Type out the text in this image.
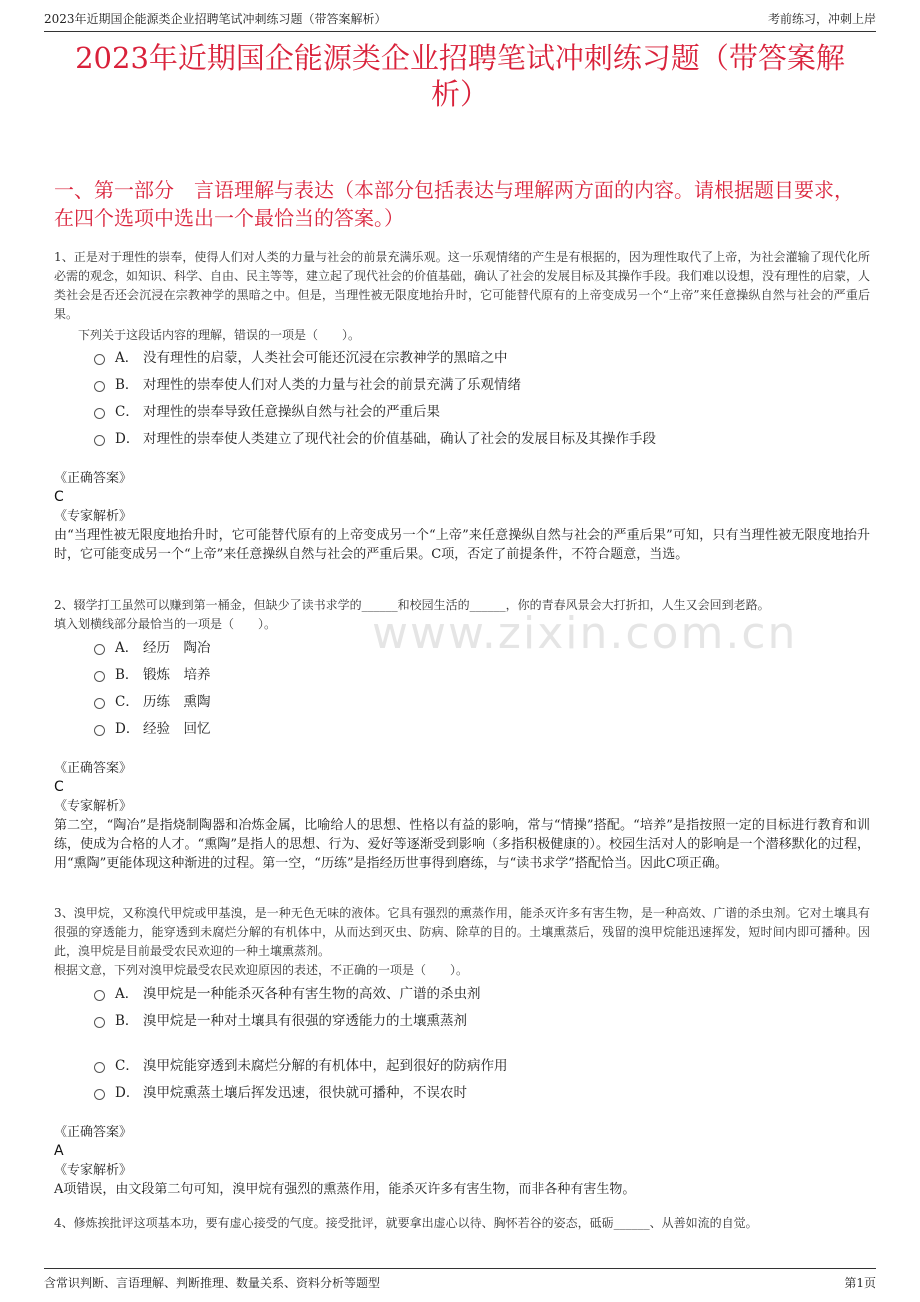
2023年近期国企能源类企业招聘笔试冲刺练习题（带答案解析）	考前练习，冲刺上岸
2023年近期国企能源类企业招聘笔试冲刺练习题（带答案解析）
一、第一部分　言语理解与表达（本部分包括表达与理解两方面的内容。请根据题目要求，在四个选项中选出一个最恰当的答案。）
1、正是对于理性的崇奉，使得人们对人类的力量与社会的前景充满乐观。这一乐观情绪的产生是有根据的，因为理性取代了上帝，为社会灌输了现代化所必需的观念，如知识、科学、自由、民主等等，建立起了现代社会的价值基础，确认了社会的发展目标及其操作手段。我们难以设想，没有理性的启蒙，人类社会是否还会沉浸在宗教神学的黑暗之中。但是，当理性被无限度地抬升时，它可能替代原有的上帝变成另一个“上帝”来任意操纵自然与社会的严重后果。
下列关于这段话内容的理解，错误的一项是（　　）。
A． 没有理性的启蒙，人类社会可能还沉浸在宗教神学的黑暗之中
B． 对理性的崇奉使人们对人类的力量与社会的前景充满了乐观情绪
C． 对理性的崇奉导致任意操纵自然与社会的严重后果
D． 对理性的崇奉使人类建立了现代社会的价值基础，确认了社会的发展目标及其操作手段
《正确答案》
C
《专家解析》
由“当理性被无限度地抬升时，它可能替代原有的上帝变成另一个“上帝”来任意操纵自然与社会的严重后果”可知，只有当理性被无限度地抬升时，它可能变成另一个“上帝”来任意操纵自然与社会的严重后果。C项，否定了前提条件，不符合题意，当选。
2、辍学打工虽然可以赚到第一桶金，但缺少了读书求学的______和校园生活的______，你的青春风景会大打折扣，人生又会回到老路。
填入划横线部分最恰当的一项是（　　）。
A． 经历　陶冶
B． 锻炼　培养
C． 历练　熏陶
D． 经验　回忆
《正确答案》
C
《专家解析》
第二空，“陶冶”是指烧制陶器和冶炼金属，比喻给人的思想、性格以有益的影响，常与“情操”搭配。“培养”是指按照一定的目标进行教育和训练，使成为合格的人才。“熏陶”是指人的思想、行为、爱好等逐渐受到影响（多指积极健康的）。校园生活对人的影响是一个潜移默化的过程，用“熏陶”更能体现这种渐进的过程。第一空，“历练”是指经历世事得到磨练，与“读书求学”搭配恰当。因此C项正确。
3、溴甲烷，又称溴代甲烷或甲基溴，是一种无色无味的液体。它具有强烈的熏蒸作用，能杀灭许多有害生物，是一种高效、广谱的杀虫剂。它对土壤具有很强的穿透能力，能穿透到未腐烂分解的有机体中，从而达到灭虫、防病、除草的目的。土壤熏蒸后，残留的溴甲烷能迅速挥发，短时间内即可播种。因此，溴甲烷是目前最受农民欢迎的一种土壤熏蒸剂。
根据文意，下列对溴甲烷最受农民欢迎原因的表述，不正确的一项是（　　）。
A． 溴甲烷是一种能杀灭各种有害生物的高效、广谱的杀虫剂
B． 溴甲烷是一种对土壤具有很强的穿透能力的土壤熏蒸剂
C． 溴甲烷能穿透到未腐烂分解的有机体中，起到很好的防病作用
D． 溴甲烷熏蒸土壤后挥发迅速，很快就可播种，不误农时
《正确答案》
A
《专家解析》
A项错误，由文段第二句可知，溴甲烷有强烈的熏蒸作用，能杀灭许多有害生物，而非各种有害生物。
4、修炼挨批评这项基本功，要有虚心接受的气度。接受批评，就要拿出虚心以待、胸怀若谷的姿态，砥砺______、从善如流的自觉。
www.zixin.com.cn
含常识判断、言语理解、判断推理、数量关系、资料分析等题型	第1页
